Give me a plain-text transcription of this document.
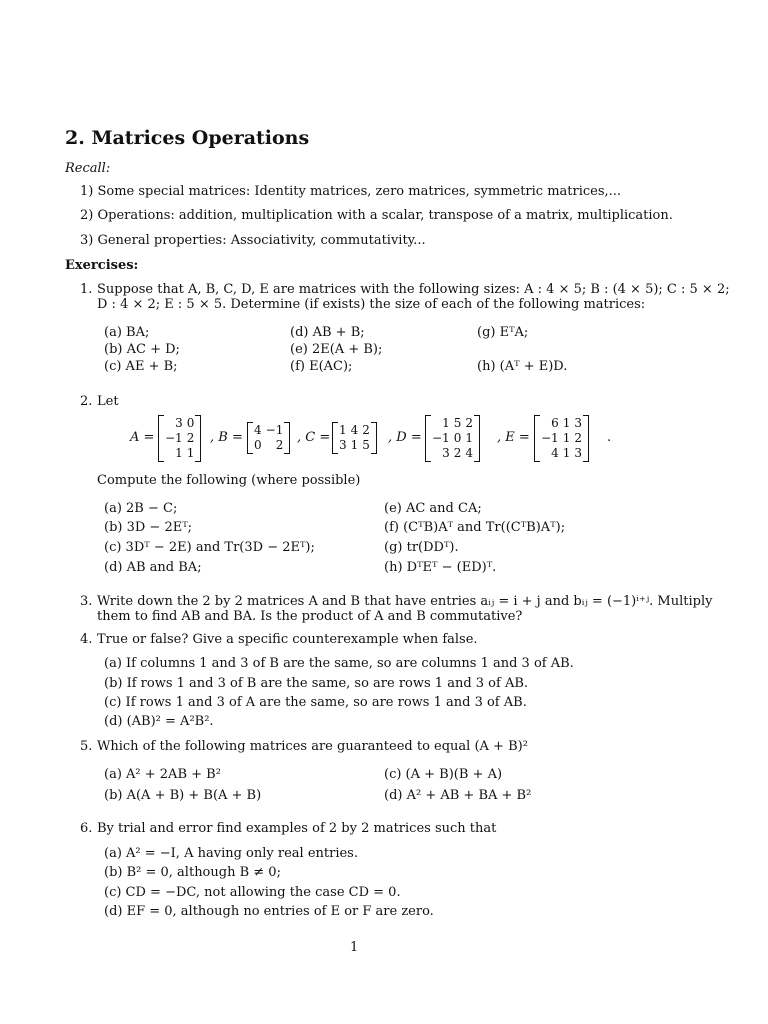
2. Matrices Operations
Recall:
1) Some special matrices: Identity matrices, zero matrices, symmetric matrices,...
2) Operations: addition, multiplication with a scalar, transpose of a matrix, multiplication.
3) General properties: Associativity, commutativity...
Exercises:
1. Suppose that A, B, C, D, E are matrices with the following sizes: A : 4 × 5; B : (4 × 5); C : 5 × 2;
D : 4 × 2; E : 5 × 5. Determine (if exists) the size of each of the following matrices:
(a) BA;
(b) AC + D;
(c) AE + B;
(d) AB + B;
(e) 2E(A + B);
(f) E(AC);
(g) EᵀA;
(h) (Aᵀ + E)D.
2. Let
A =
3	0
−1	2
1	1
, B = 4	−1
0	2 , C = 1	4	2
3	1	5 , D =
1	5	2
−1	0	1
3	2	4
, E =
6	1	3
−1	1	2
4	1	3
.
Compute the following (where possible)
(a) 2B − C;
(b) 3D − 2Eᵀ;
(c) 3Dᵀ − 2E) and Tr(3D − 2Eᵀ);
(d) AB and BA;
(e) AC and CA;
(f) (CᵀB)Aᵀ and Tr((CᵀB)Aᵀ);
(g) tr(DDᵀ).
(h) DᵀEᵀ − (ED)ᵀ.
3. Write down the 2 by 2 matrices A and B that have entries aᵢⱼ = i + j and bᵢⱼ = (−1)ⁱ⁺ʲ. Multiply
them to find AB and BA. Is the product of A and B commutative?
4. True or false? Give a specific counterexample when false.
(a) If columns 1 and 3 of B are the same, so are columns 1 and 3 of AB.
(b) If rows 1 and 3 of B are the same, so are rows 1 and 3 of AB.
(c) If rows 1 and 3 of A are the same, so are rows 1 and 3 of AB.
(d) (AB)² = A²B².
5. Which of the following matrices are guaranteed to equal (A + B)²
(a) A² + 2AB + B²
(b) A(A + B) + B(A + B)
(c) (A + B)(B + A)
(d) A² + AB + BA + B²
6. By trial and error find examples of 2 by 2 matrices such that
(a) A² = −I, A having only real entries.
(b) B² = 0, although B ≠ 0;
(c) CD = −DC, not allowing the case CD = 0.
(d) EF = 0, although no entries of E or F are zero.
1
